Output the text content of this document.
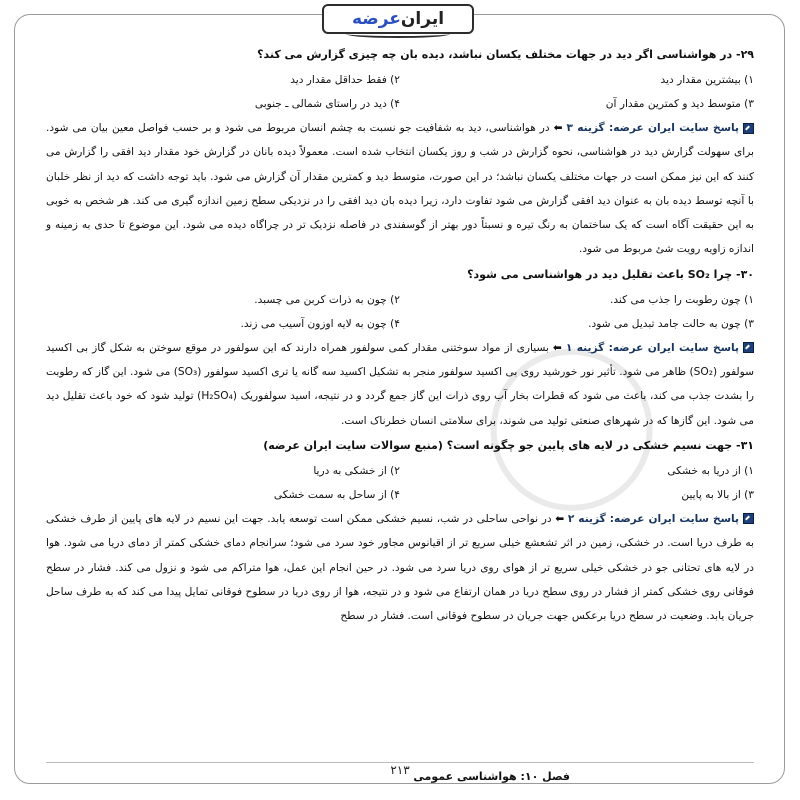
ایران
عرضه
۲۹- در هواشناسی اگر دید در جهات مختلف یکسان نباشد، دیده بان چه چیزی گزارش می کند؟
۱) بیشترین مقدار دید
۲) فقط حداقل مقدار دید
۳) متوسط دید و کمترین مقدار آن
۴) دید در راستای شمالی ـ جنوبی

پاسخ سایت ایران عرضه: گزینه ۳ ⬅ در هواشناسی، دید به شفافیت جو نسبت به چشم انسان مربوط می شود و بر حسب فواصل معین بیان می شود. برای سهولت گزارش دید در هواشناسی، نحوه گزارش در شب و روز یکسان انتخاب شده است. معمولاً دیده بانان در گزارش خود مقدار دید افقی را گزارش می کنند که این نیز ممکن است در جهات مختلف یکسان نباشد؛ در این صورت، متوسط دید و کمترین مقدار آن گزارش می شود. باید توجه داشت که دید از نظر خلبان با آنچه توسط دیده بان به عنوان دید افقی گزارش می شود تفاوت دارد، زیرا دیده بان دید افقی را در نزدیکی سطح زمین اندازه گیری می کند. هر شخص به خوبی به این حقیقت آگاه است که یک ساختمان به رنگ تیره و نسبتاً دور بهتر از گوسفندی در فاصله نزدیک تر در چراگاه دیده می شود. این موضوع تا حدی به زمینه و اندازه زاویه رویت شئ مربوط می شود.

۳۰- چرا SO₂ باعث تقلیل دید در هواشناسی می شود؟
۱) چون رطوبت را جذب می کند.
۲) چون به ذرات کربن می چسبد.
۳) چون به حالت جامد تبدیل می شود.
۴) چون به لایه اوزون آسیب می زند.

پاسخ سایت ایران عرضه: گزینه ۱ ⬅ بسیاری از مواد سوختنی مقدار کمی سولفور همراه دارند که این سولفور در موقع سوختن به شکل گاز بی اکسید سولفور (SO₂) ظاهر می شود. تأثیر نور خورشید روی بی اکسید سولفور منجر به تشکیل اکسید سه گانه یا تری اکسید سولفور (SO₃) می شود. این گاز که رطوبت را بشدت جذب می کند، باعث می شود که قطرات بخار آب روی ذرات این گاز جمع گردد و در نتیجه، اسید سولفوریک (H₂SO₄) تولید شود که خود باعث تقلیل دید می شود. این گازها که در شهرهای صنعتی تولید می شوند، برای سلامتی انسان خطرناک است.

۳۱- جهت نسیم خشکی در لایه های پایین جو چگونه است؟ (منبع سوالات سایت ایران عرضه)
۱) از دریا به خشکی
۲) از خشکی به دریا
۳) از بالا به پایین
۴) از ساحل به سمت خشکی

پاسخ سایت ایران عرضه: گزینه ۲ ⬅ در نواحی ساحلی در شب، نسیم خشکی ممکن است توسعه یابد. جهت این نسیم در لایه های پایین از طرف خشکی به طرف دریا است. در خشکی، زمین در اثر تشعشع خیلی سریع تر از اقیانوس مجاور خود سرد می شود؛ سرانجام دمای خشکی کمتر از دمای دریا می شود. هوا در لایه های تحتانی جو در خشکی خیلی سریع تر از هوای روی دریا سرد می شود. در حین انجام این عمل، هوا متراکم می شود و نزول می کند. فشار در سطح فوقانی روی خشکی کمتر از فشار در روی سطح دریا در همان ارتفاع می شود و در نتیجه، هوا از روی دریا در سطوح فوقانی تمایل پیدا می کند که به طرف ساحل جریان یابد. وضعیت در سطح دریا برعکس جهت جریان در سطوح فوقانی است. فشار در سطح

۲۱۳ فصل ۱۰: هواشناسی عمومی
